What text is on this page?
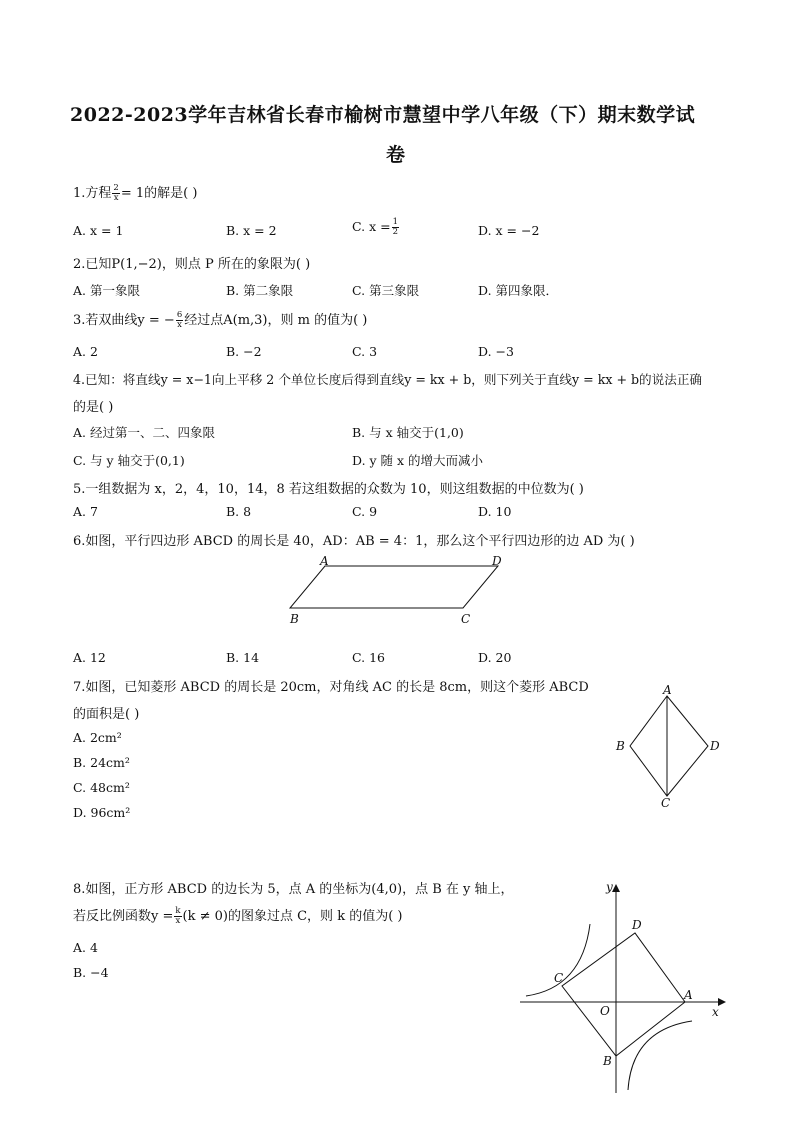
2022-2023学年吉林省长春市榆树市慧望中学八年级（下）期末数学试
卷
1.方程 $\frac{2}{x} = 1$的解是( )
A. x = 1	B. x = 2	C. $x = \frac{1}{2}$	D. x = −2
2.已知P(1,−2)，则点 P 所在的象限为( )
A. 第一象限	B. 第二象限	C. 第三象限	D. 第四象限．
3.若双曲线y = − $\frac{6}{x}$ 经过点A(m,3)，则 m 的值为( )
A. 2	B. −2	C. 3	D. −3
4.已知：将直线y = x−1向上平移 2 个单位长度后得到直线y = kx + b，则下列关于直线y = kx + b的说法正确
的是( )
A. 经过第一、二、四象限	B. 与 x 轴交于(1,0)
C. 与 y 轴交于(0,1)	D. y 随 x 的增大而减小
5.一组数据为 x，2，4，10，14，8 若这组数据的众数为 10，则这组数据的中位数为( )
A. 7	B. 8	C. 9	D. 10
6.如图，平行四边形 ABCD 的周长是 40，AD：AB = 4：1，那么这个平行四边形的边 AD 为( )
A	D
B	C
A. 12	B. 14	C. 16	D. 20
7.如图，已知菱形 ABCD 的周长是 20cm，对角线 AC 的长是 8cm，则这个菱形 ABCD
的面积是( )
A. 2cm²
B. 24cm²
C. 48cm²
D. 96cm²
A
B	D
C
8.如图，正方形 ABCD 的边长为 5，点 A 的坐标为(4,0)，点 B 在 y 轴上，
若反比例函数$y = \frac{k}{x} (k \ne 0)$的图象过点 C，则 k 的值为( )
A. 4
B. −4
y
D
C
A
O	x
B
